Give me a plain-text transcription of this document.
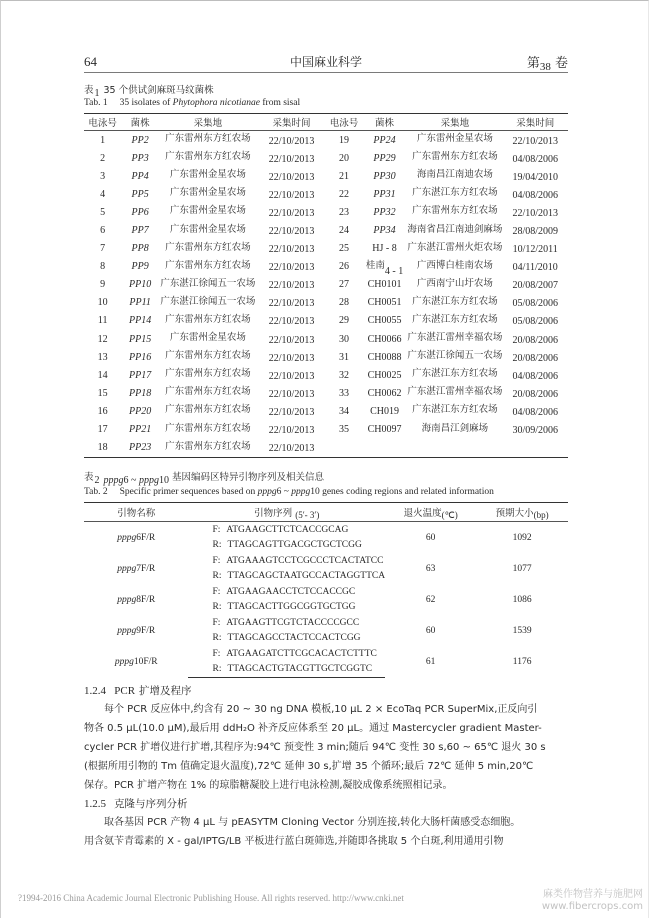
64	中国麻业科学	第$_{38}$ 卷
表1 35 个供试剑麻斑马纹菌株
Tab. 1 35 isolates of Phytophora nicotianae from sisal
电泳号	菌株	采集地	采集时间	电泳号	菌株	采集地	采集时间
1	PP2	广东雷州东方红农场	22/10/2013	19	PP24	广东雷州金星农场	22/10/2013
2	PP3	广东雷州东方红农场	22/10/2013	20	PP29	广东雷州东方红农场	04/08/2006
3	PP4	广东雷州金星农场	22/10/2013	21	PP30	海南昌江南迪农场	19/04/2010
4	PP5	广东雷州金星农场	22/10/2013	22	PP31	广东湛江东方红农场	04/08/2006
5	PP6	广东雷州金星农场	22/10/2013	23	PP32	广东雷州东方红农场	22/10/2013
6	PP7	广东雷州金星农场	22/10/2013	24	PP34	海南省昌江南迪剑麻场	28/08/2009
7	PP8	广东雷州东方红农场	22/10/2013	25	HJ - 8	广东湛江雷州火炬农场	10/12/2011
8	PP9	广东雷州东方红农场	22/10/2013	26	桂南4 - 1	广西博白桂南农场	04/11/2010
9	PP10	广东湛江徐闻五一农场	22/10/2013	27	CH0101	广西南宁山圩农场	20/08/2007
10	PP11	广东湛江徐闻五一农场	22/10/2013	28	CH0051	广东湛江东方红农场	05/08/2006
11	PP14	广东雷州东方红农场	22/10/2013	29	CH0055	广东湛江东方红农场	05/08/2006
12	PP15	广东雷州金星农场	22/10/2013	30	CH0066	广东湛江雷州幸福农场	20/08/2006
13	PP16	广东雷州东方红农场	22/10/2013	31	CH0088	广东湛江徐闻五一农场	20/08/2006
14	PP17	广东雷州东方红农场	22/10/2013	32	CH0025	广东湛江东方红农场	04/08/2006
15	PP18	广东雷州东方红农场	22/10/2013	33	CH0062	广东湛江雷州幸福农场	20/08/2006
16	PP20	广东雷州东方红农场	22/10/2013	34	CH019	广东湛江东方红农场	04/08/2006
17	PP21	广东雷州东方红农场	22/10/2013	35	CH0097	海南昌江剑麻场	30/09/2006
18	PP23	广东雷州东方红农场	22/10/2013				
表2 pppg6 ~ pppg10 基因编码区特异引物序列及相关信息
Tab. 2 Specific primer sequences based on pppg6 ~ pppg10 genes coding regions and related information
引物名称	引物序列 (5′- 3′)	退火温度(℃)	预期大小(bp)
pppg6F/R	F: ATGAAGCTTCTCACCGCAG	60	1092
	R: TTAGCAGTTGACGCTGCTCGG		
pppg7F/R	F: ATGAAAGTCCTCGCCCTCACTATCC	63	1077
	R: TTAGCAGCTAATGCCACTAGGTTCA		
pppg8F/R	F: ATGAAGAACCTCTCCACCGC	62	1086
	R: TTAGCACTTGGCGGTGCTGG		
pppg9F/R	F: ATGAAGTTCGTCTACCCCGCC	60	1539
	R: TTAGCAGCCTACTCCACTCGG		
pppg10F/R	F: ATGAAGATCTTCGCACACTCTTTC	61	1176
	R: TTAGCACTGTACGTTGCTCGGTC		
1.2.4 PCR 扩增及程序
每个 PCR 反应体中,约含有 20 ~ 30 ng DNA 模板,10 μL 2 × EcoTaq PCR SuperMix,正反向引
物各 0.5 μL(10.0 μM),最后用 ddH₂O 补齐反应体系至 20 μL。通过 Mastercycler gradient Master-
cycler PCR 扩增仪进行扩增,其程序为:94℃ 预变性 3 min;随后 94℃ 变性 30 s,60 ~ 65℃ 退火 30 s
(根据所用引物的 Tm 值确定退火温度),72℃ 延伸 30 s,扩增 35 个循环;最后 72℃ 延伸 5 min,20℃
保存。PCR 扩增产物在 1% 的琼脂糖凝胶上进行电泳检测,凝胶成像系统照相记录。
1.2.5 克隆与序列分析
取各基因 PCR 产物 4 μL 与 pEASYTM Cloning Vector 分别连接,转化大肠杆菌感受态细胞。
用含氨苄青霉素的 X - gal/IPTG/LB 平板进行蓝白斑筛选,并随即各挑取 5 个白斑,利用通用引物
?1994-2016 China Academic Journal Electronic Publishing House. All rights reserved. http://www.cnki.net	麻类作物营养与施肥网
www.fibercrops.com
